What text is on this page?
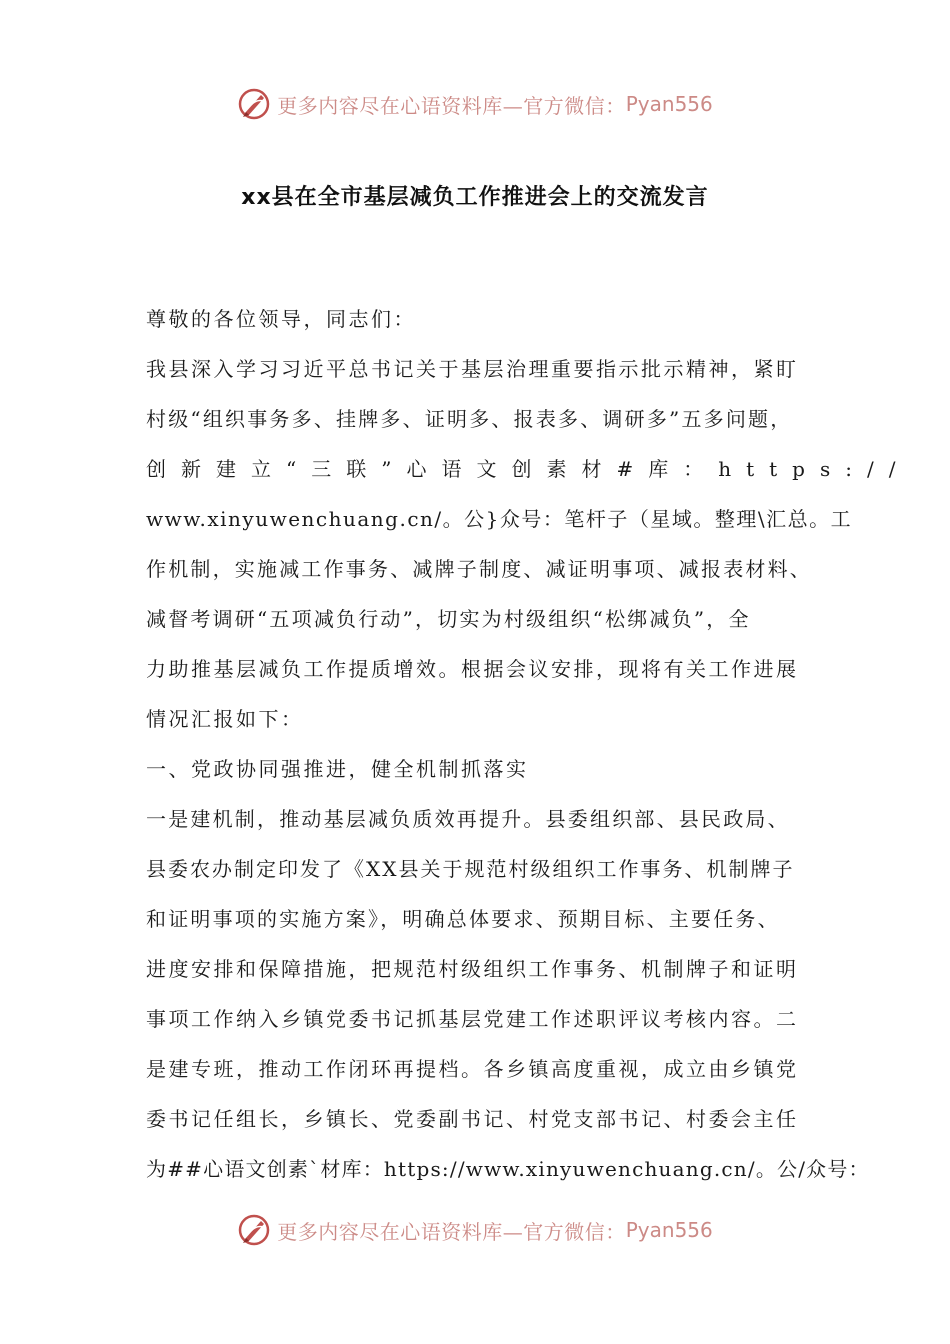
更多内容尽在心语资料库—官方微信： Pyan556
xx县在全市基层减负工作推进会上的交流发言
尊敬的各位领导，同志们：
我县深入学习习近平总书记关于基层治理重要指示批示精神，紧盯
村级“组织事务多、挂牌多、证明多、报表多、调研多”五多问题，
创新建立“三联”心语文创素材#库：https://
www.xinyuwenchuang.cn/。公}众号：笔杆子（星域。整理\汇总。工
作机制，实施减工作事务、减牌子制度、减证明事项、减报表材料、
减督考调研“五项减负行动”，切实为村级组织“松绑减负”，全
力助推基层减负工作提质增效。根据会议安排，现将有关工作进展
情况汇报如下：
一、党政协同强推进，健全机制抓落实
一是建机制，推动基层减负质效再提升。县委组织部、县民政局、
县委农办制定印发了《XX县关于规范村级组织工作事务、机制牌子
和证明事项的实施方案》，明确总体要求、预期目标、主要任务、
进度安排和保障措施，把规范村级组织工作事务、机制牌子和证明
事项工作纳入乡镇党委书记抓基层党建工作述职评议考核内容。二
是建专班，推动工作闭环再提档。各乡镇高度重视，成立由乡镇党
委书记任组长，乡镇长、党委副书记、村党支部书记、村委会主任
为##心语文创素`材库：https://www.xinyuwenchuang.cn/。公/众号：
更多内容尽在心语资料库—官方微信： Pyan556
